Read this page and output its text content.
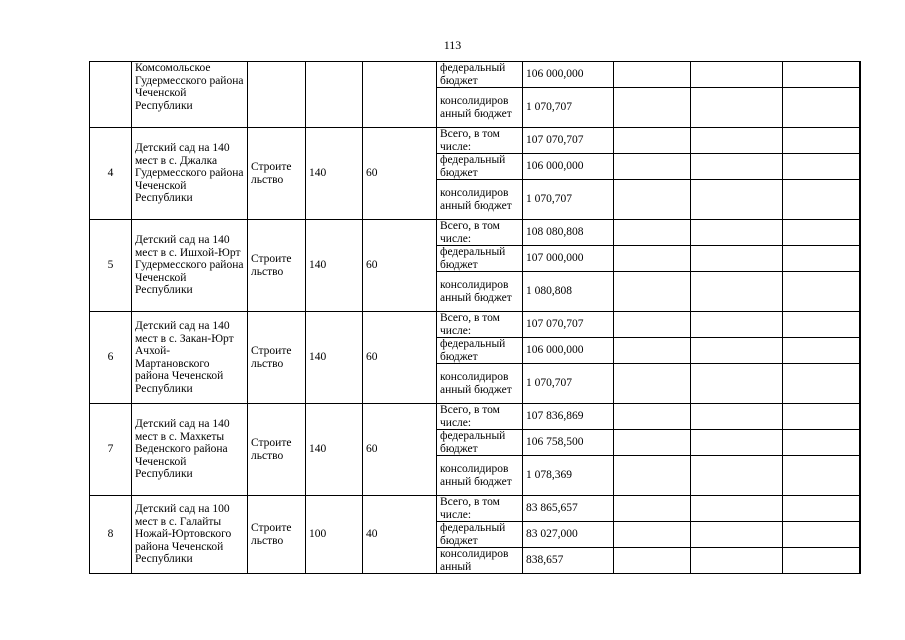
113
	Комсомольское Гудермесского района Чеченской Республики				федеральный бюджет	106 000,000				
					консолидиров анный бюджет	1 070,707				
4	Детский сад на 140 мест в с. Джалка Гудермесского района Чеченской Республики	Строите льство	140	60	Всего, в том числе:	107 070,707				
					федеральный бюджет	106 000,000				
					консолидиров анный бюджет	1 070,707				
5	Детский сад на 140 мест в с. Ишхой-Юрт Гудермесского района Чеченской Республики	Строите льство	140	60	Всего, в том числе:	108 080,808				
					федеральный бюджет	107 000,000				
					консолидиров анный бюджет	1 080,808				
6	Детский сад на 140 мест в с. Закан-Юрт Ачхой-Мартановского района Чеченской Республики	Строите льство	140	60	Всего, в том числе:	107 070,707				
					федеральный бюджет	106 000,000				
					консолидиров анный бюджет	1 070,707				
7	Детский сад на 140 мест в с. Махкеты Веденского района Чеченской Республики	Строите льство	140	60	Всего, в том числе:	107 836,869				
					федеральный бюджет	106 758,500				
					консолидиров анный бюджет	1 078,369				
8	Детский сад на 100 мест в с. Галайты Ножай-Юртовского района Чеченской Республики	Строите льство	100	40	Всего, в том числе:	83 865,657				
					федеральный бюджет	83 027,000				
					консолидиров анный	838,657				
